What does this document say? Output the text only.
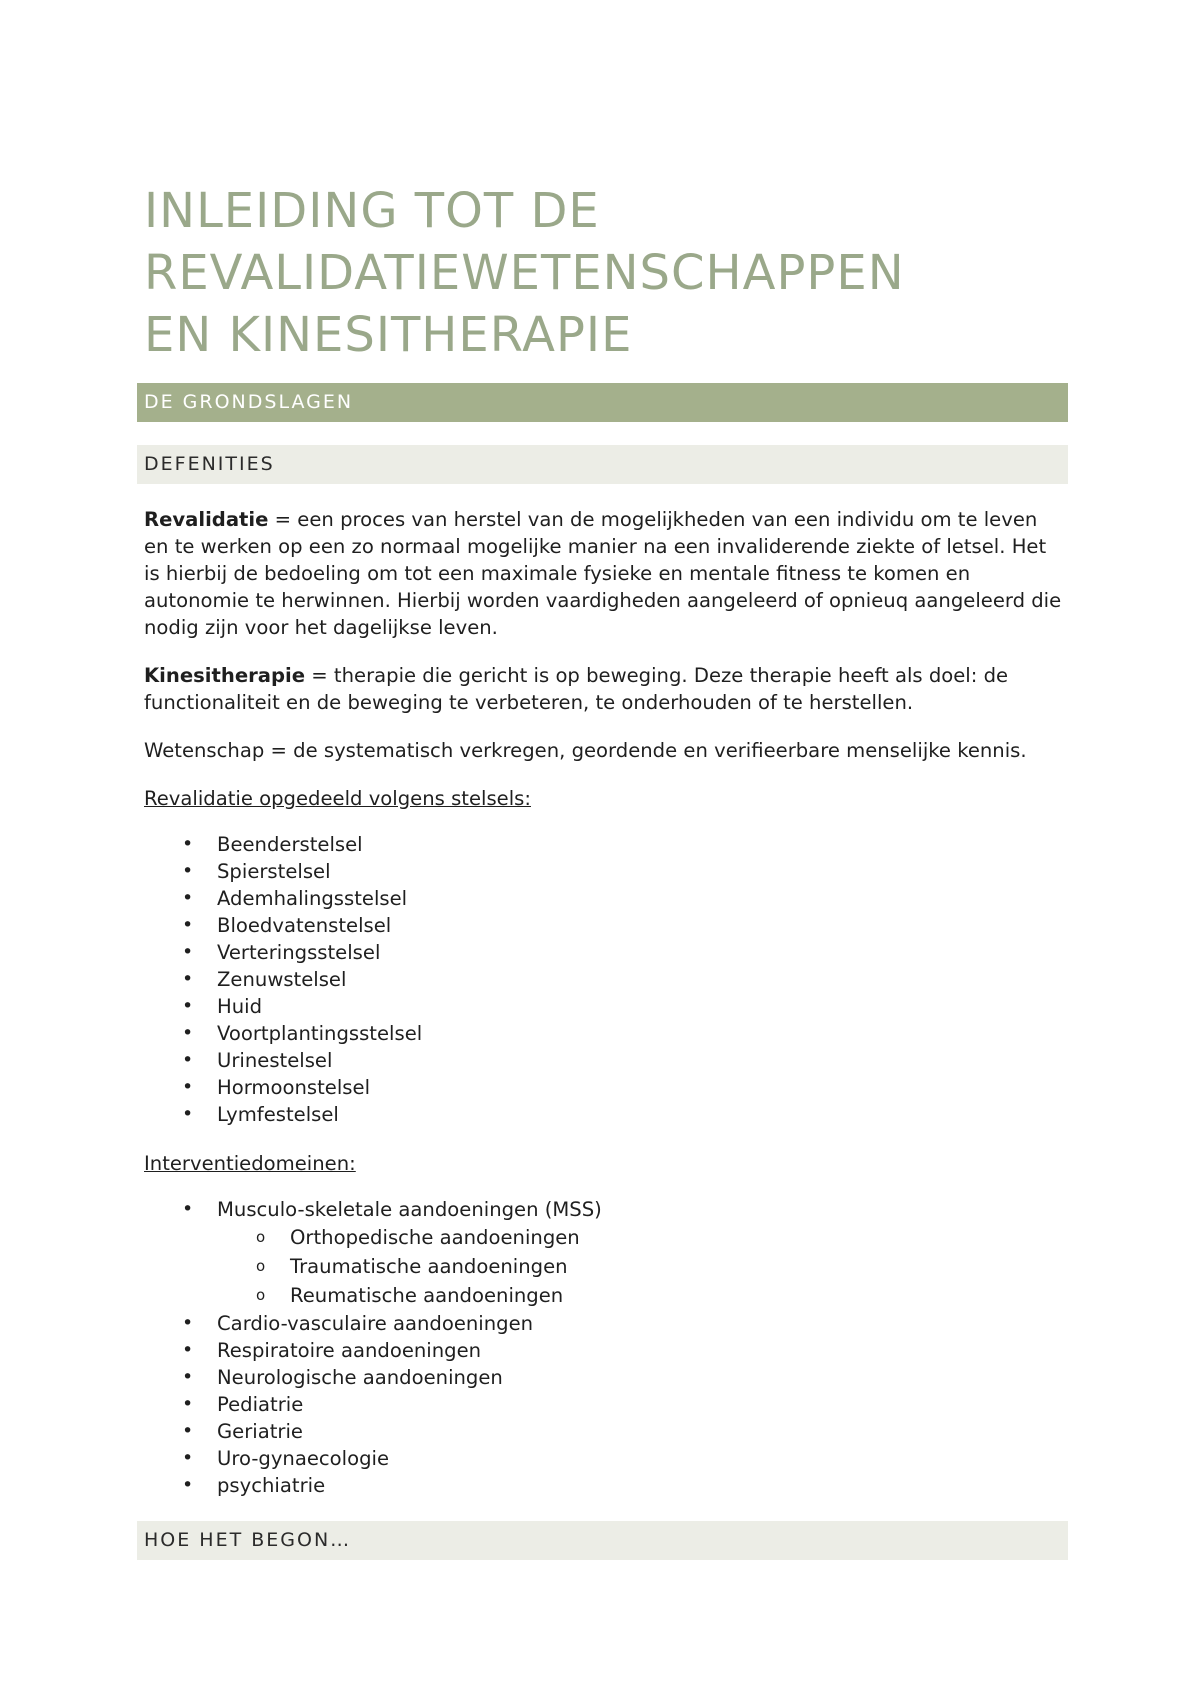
INLEIDING TOT DE
REVALIDATIEWETENSCHAPPEN
EN KINESITHERAPIE
DE GRONDSLAGEN
DEFENITIES

Revalidatie = een proces van herstel van de mogelijkheden van een individu om te leven en te werken op een zo normaal mogelijke manier na een invaliderende ziekte of letsel. Het is hierbij de bedoeling om tot een maximale fysieke en mentale fitness te komen en autonomie te herwinnen. Hierbij worden vaardigheden aangeleerd of opnieuq aangeleerd die nodig zijn voor het dagelijkse leven.

Kinesitherapie = therapie die gericht is op beweging. Deze therapie heeft als doel: de functionaliteit en de beweging te verbeteren, te onderhouden of te herstellen.

Wetenschap = de systematisch verkregen, geordende en verifieerbare menselijke kennis.

Revalidatie opgedeeld volgens stelsels:

• Beenderstelsel
• Spierstelsel
• Ademhalingsstelsel
• Bloedvatenstelsel
• Verteringsstelsel
• Zenuwstelsel
• Huid
• Voortplantingsstelsel
• Urinestelsel
• Hormoonstelsel
• Lymfestelsel

Interventiedomeinen:

• Musculo-skeletale aandoeningen (MSS)
o Orthopedische aandoeningen
o Traumatische aandoeningen
o Reumatische aandoeningen
• Cardio-vasculaire aandoeningen
• Respiratoire aandoeningen
• Neurologische aandoeningen
• Pediatrie
• Geriatrie
• Uro-gynaecologie
• psychiatrie
HOE HET BEGON…
